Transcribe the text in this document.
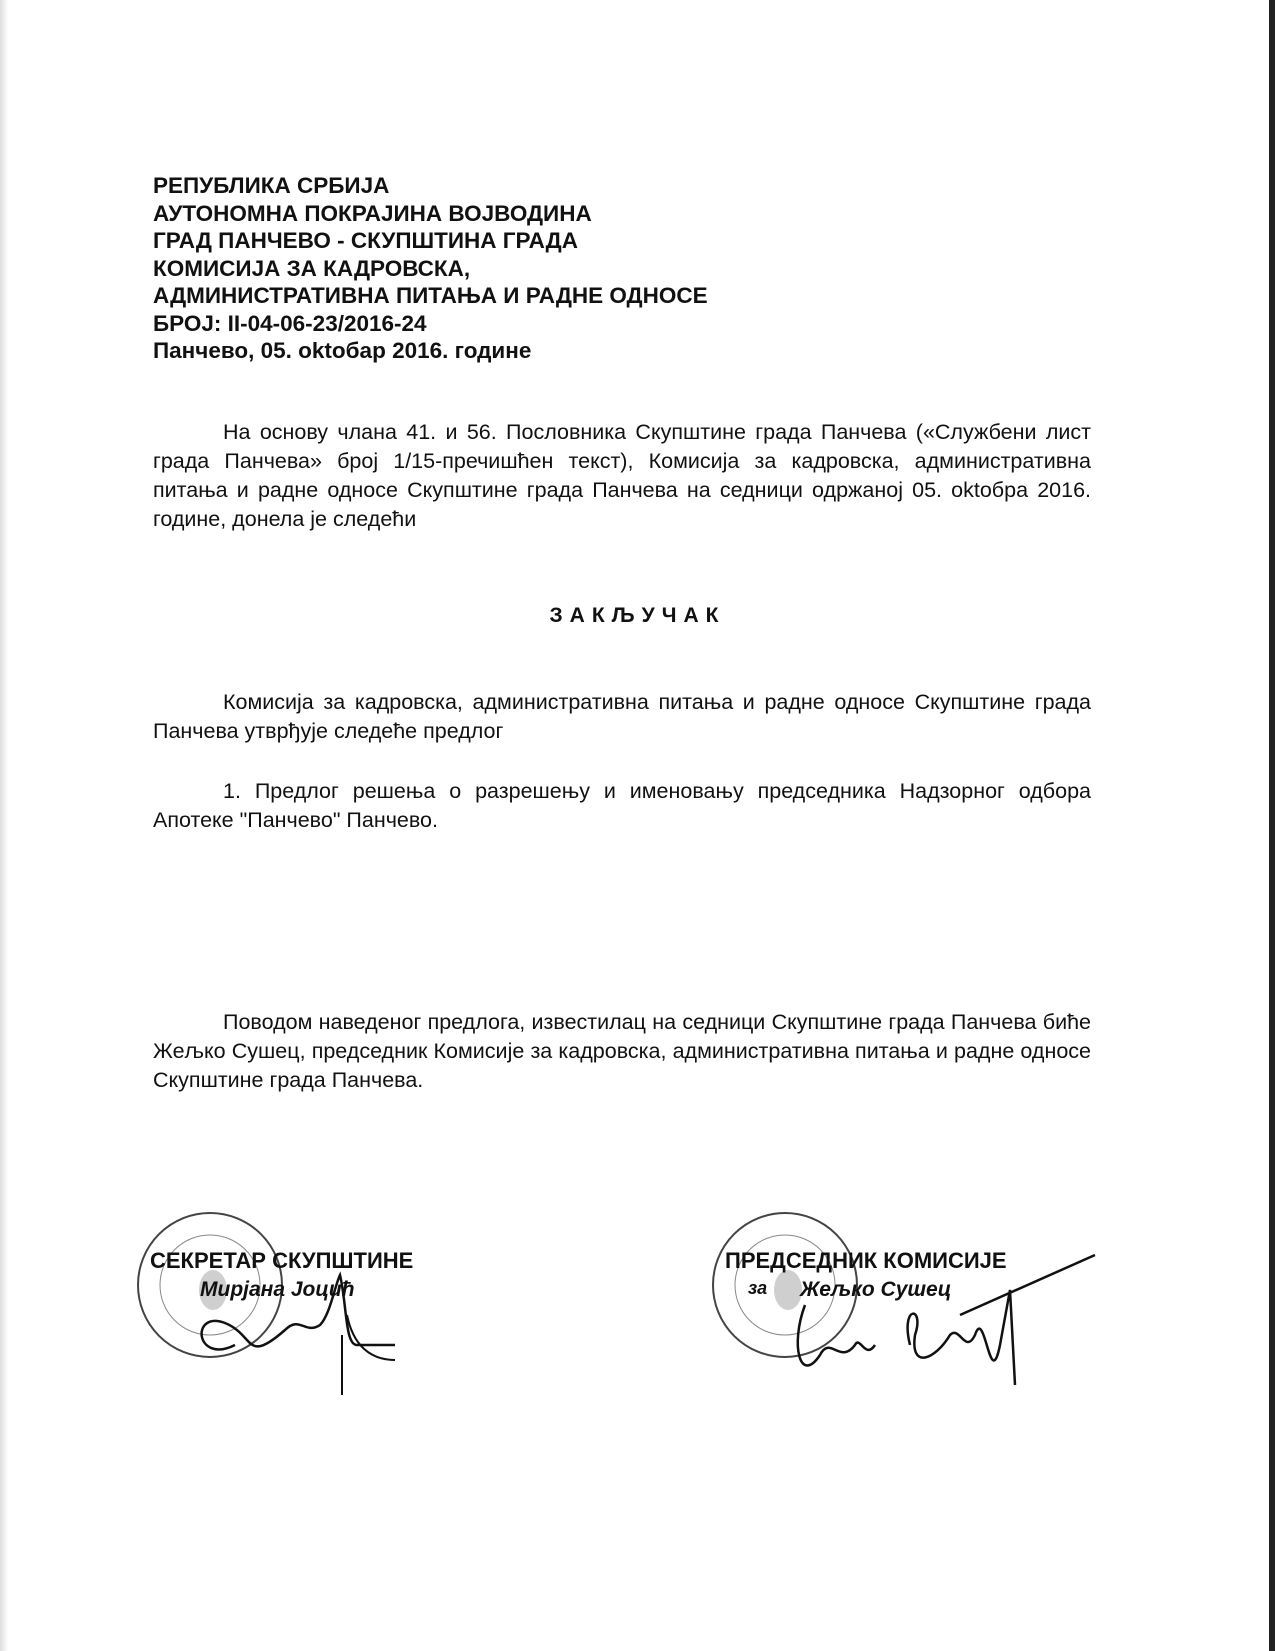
РЕПУБЛИКА СРБИЈА
АУТОНОМНА ПОКРАЈИНА ВОЈВОДИНА
ГРАД ПАНЧЕВО - СКУПШТИНА ГРАДА
КОМИСИЈА ЗА КАДРОВСКА,
АДМИНИСТРАТИВНА ПИТАЊА И РАДНЕ ОДНОСЕ
БРОЈ: II-04-06-23/2016-24
Панчево, 05. oktoбар 2016. године
На основу члана 41. и 56. Пословника Скупштине града Панчева («Службени лист града Панчева» број 1/15-пречишћен текст), Комисија за кадровска, административна питања и радне односе Скупштине града Панчева на седници одржаној 05. oktoбра 2016. године, донела је следећи
ЗАКЉУЧАК
Комисија за кадровска, административна питања и радне односе Скупштине града Панчева утврђује следеће предлог
1. Предлог решења о разрешењу и именовању председника Надзорног одбора Апотеке "Панчево" Панчево.
Поводом наведеног предлога, известилац на седници Скупштине града Панчева биће Жељко Сушец, председник Комисије за кадровска, административна питања и радне односе Скупштине града Панчева.
СЕКРЕТАР СКУПШТИНЕ
Мирјана Јоцић	за
ПРЕДСЕДНИК КОМИСИЈЕ
Жељко Сушец
